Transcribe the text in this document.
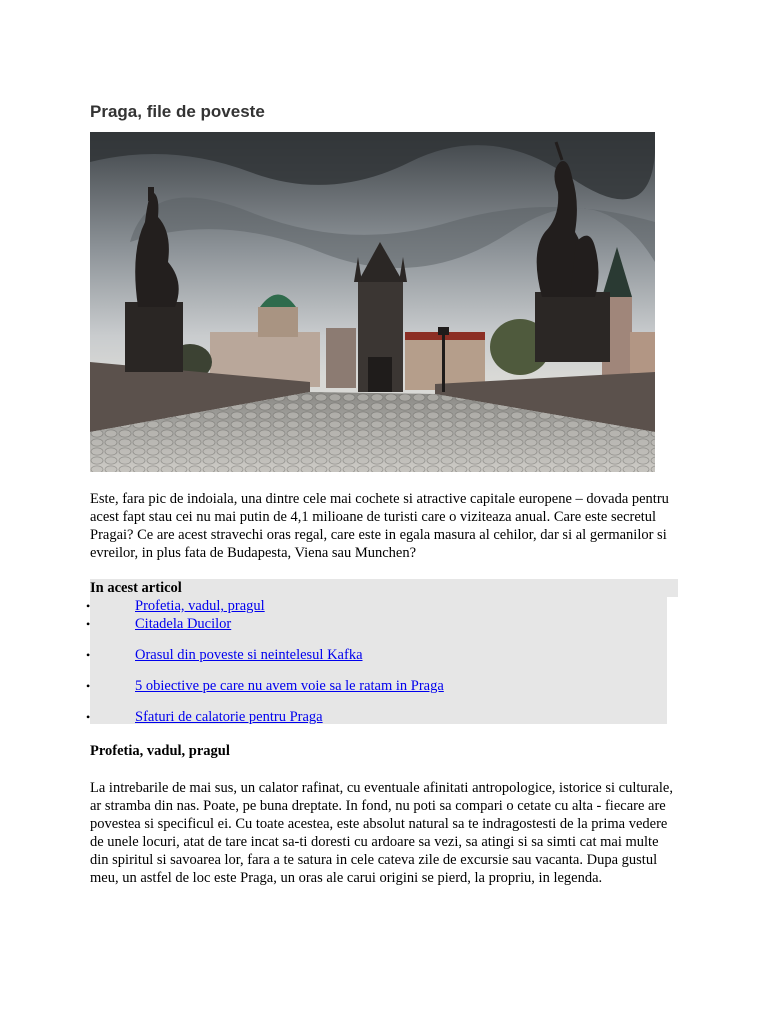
Praga, file de poveste

Este, fara pic de indoiala, una dintre cele mai cochete si atractive capitale europene – dovada pentru acest fapt stau cei nu mai putin de 4,1 milioane de turisti care o viziteaza anual. Care este secretul Pragai? Ce are acest stravechi oras regal, care este in egala masura al cehilor, dar si al germanilor si evreilor, in plus fata de Budapesta, Viena sau Munchen?

In acest articol
•	Profetia, vadul, pragul
•	Citadela Ducilor
•	Orasul din poveste si neintelesul Kafka
•	5 obiective pe care nu avem voie sa le ratam in Praga
•	Sfaturi de calatorie pentru Praga
Profetia, vadul, pragul

La intrebarile de mai sus, un calator rafinat, cu eventuale afinitati antropologice, istorice si culturale, ar stramba din nas. Poate, pe buna dreptate. In fond, nu poti sa compari o cetate cu alta - fiecare are povestea si specificul ei. Cu toate acestea, este absolut natural sa te indragostesti de la prima vedere de unele locuri, atat de tare incat sa-ti doresti cu ardoare sa vezi, sa atingi si sa simti cat mai multe din spiritul si savoarea lor, fara a te satura in cele cateva zile de excursie sau vacanta. Dupa gustul meu, un astfel de loc este Praga, un oras ale carui origini se pierd, la propriu, in legenda.
